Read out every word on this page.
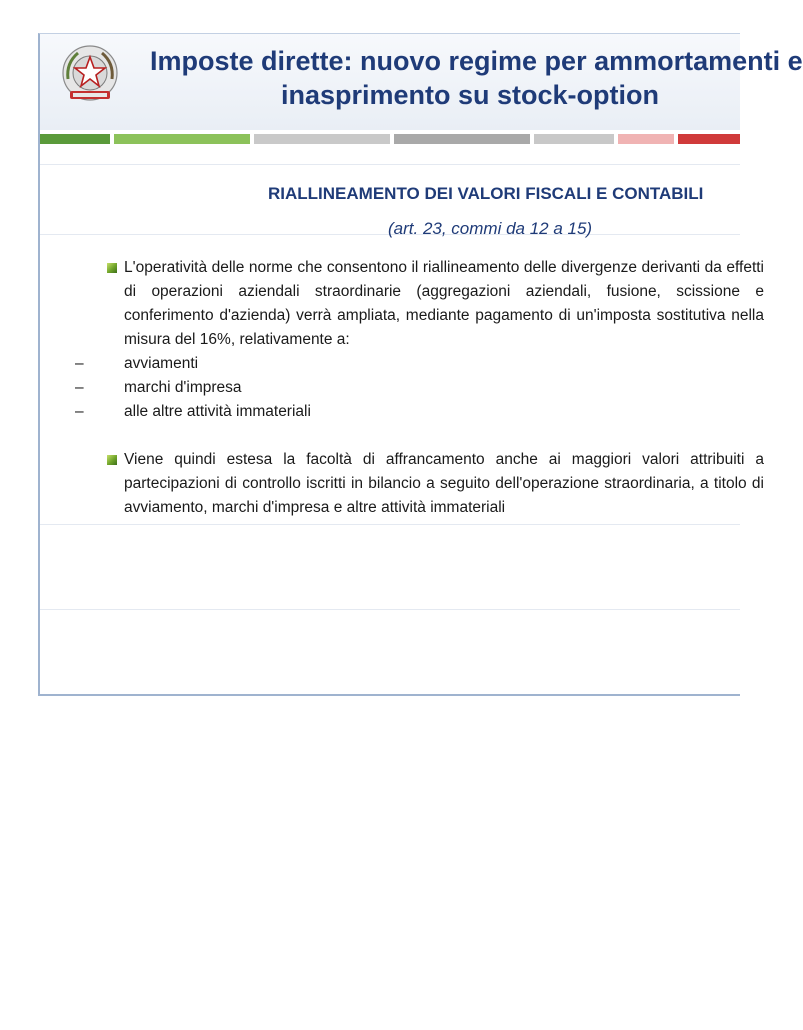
Imposte dirette: nuovo regime per ammortamenti e
inasprimento su stock-option
RIALLINEAMENTO DEI VALORI FISCALI E CONTABILI
(art. 23, commi da 12 a 15)
L'operatività delle norme che consentono il riallineamento delle divergenze derivanti da effetti di operazioni aziendali straordinarie (aggregazioni aziendali, fusione, scissione e conferimento d'azienda) verrà ampliata, mediante pagamento di un'imposta sostitutiva nella misura del 16%, relativamente a:
–	avviamenti
–	marchi d'impresa
–	alle altre attività immateriali
Viene quindi estesa la facoltà di affrancamento anche ai maggiori valori attribuiti a partecipazioni di controllo iscritti in bilancio a seguito dell'operazione straordinaria, a titolo di avviamento, marchi d'impresa e altre attività immateriali
